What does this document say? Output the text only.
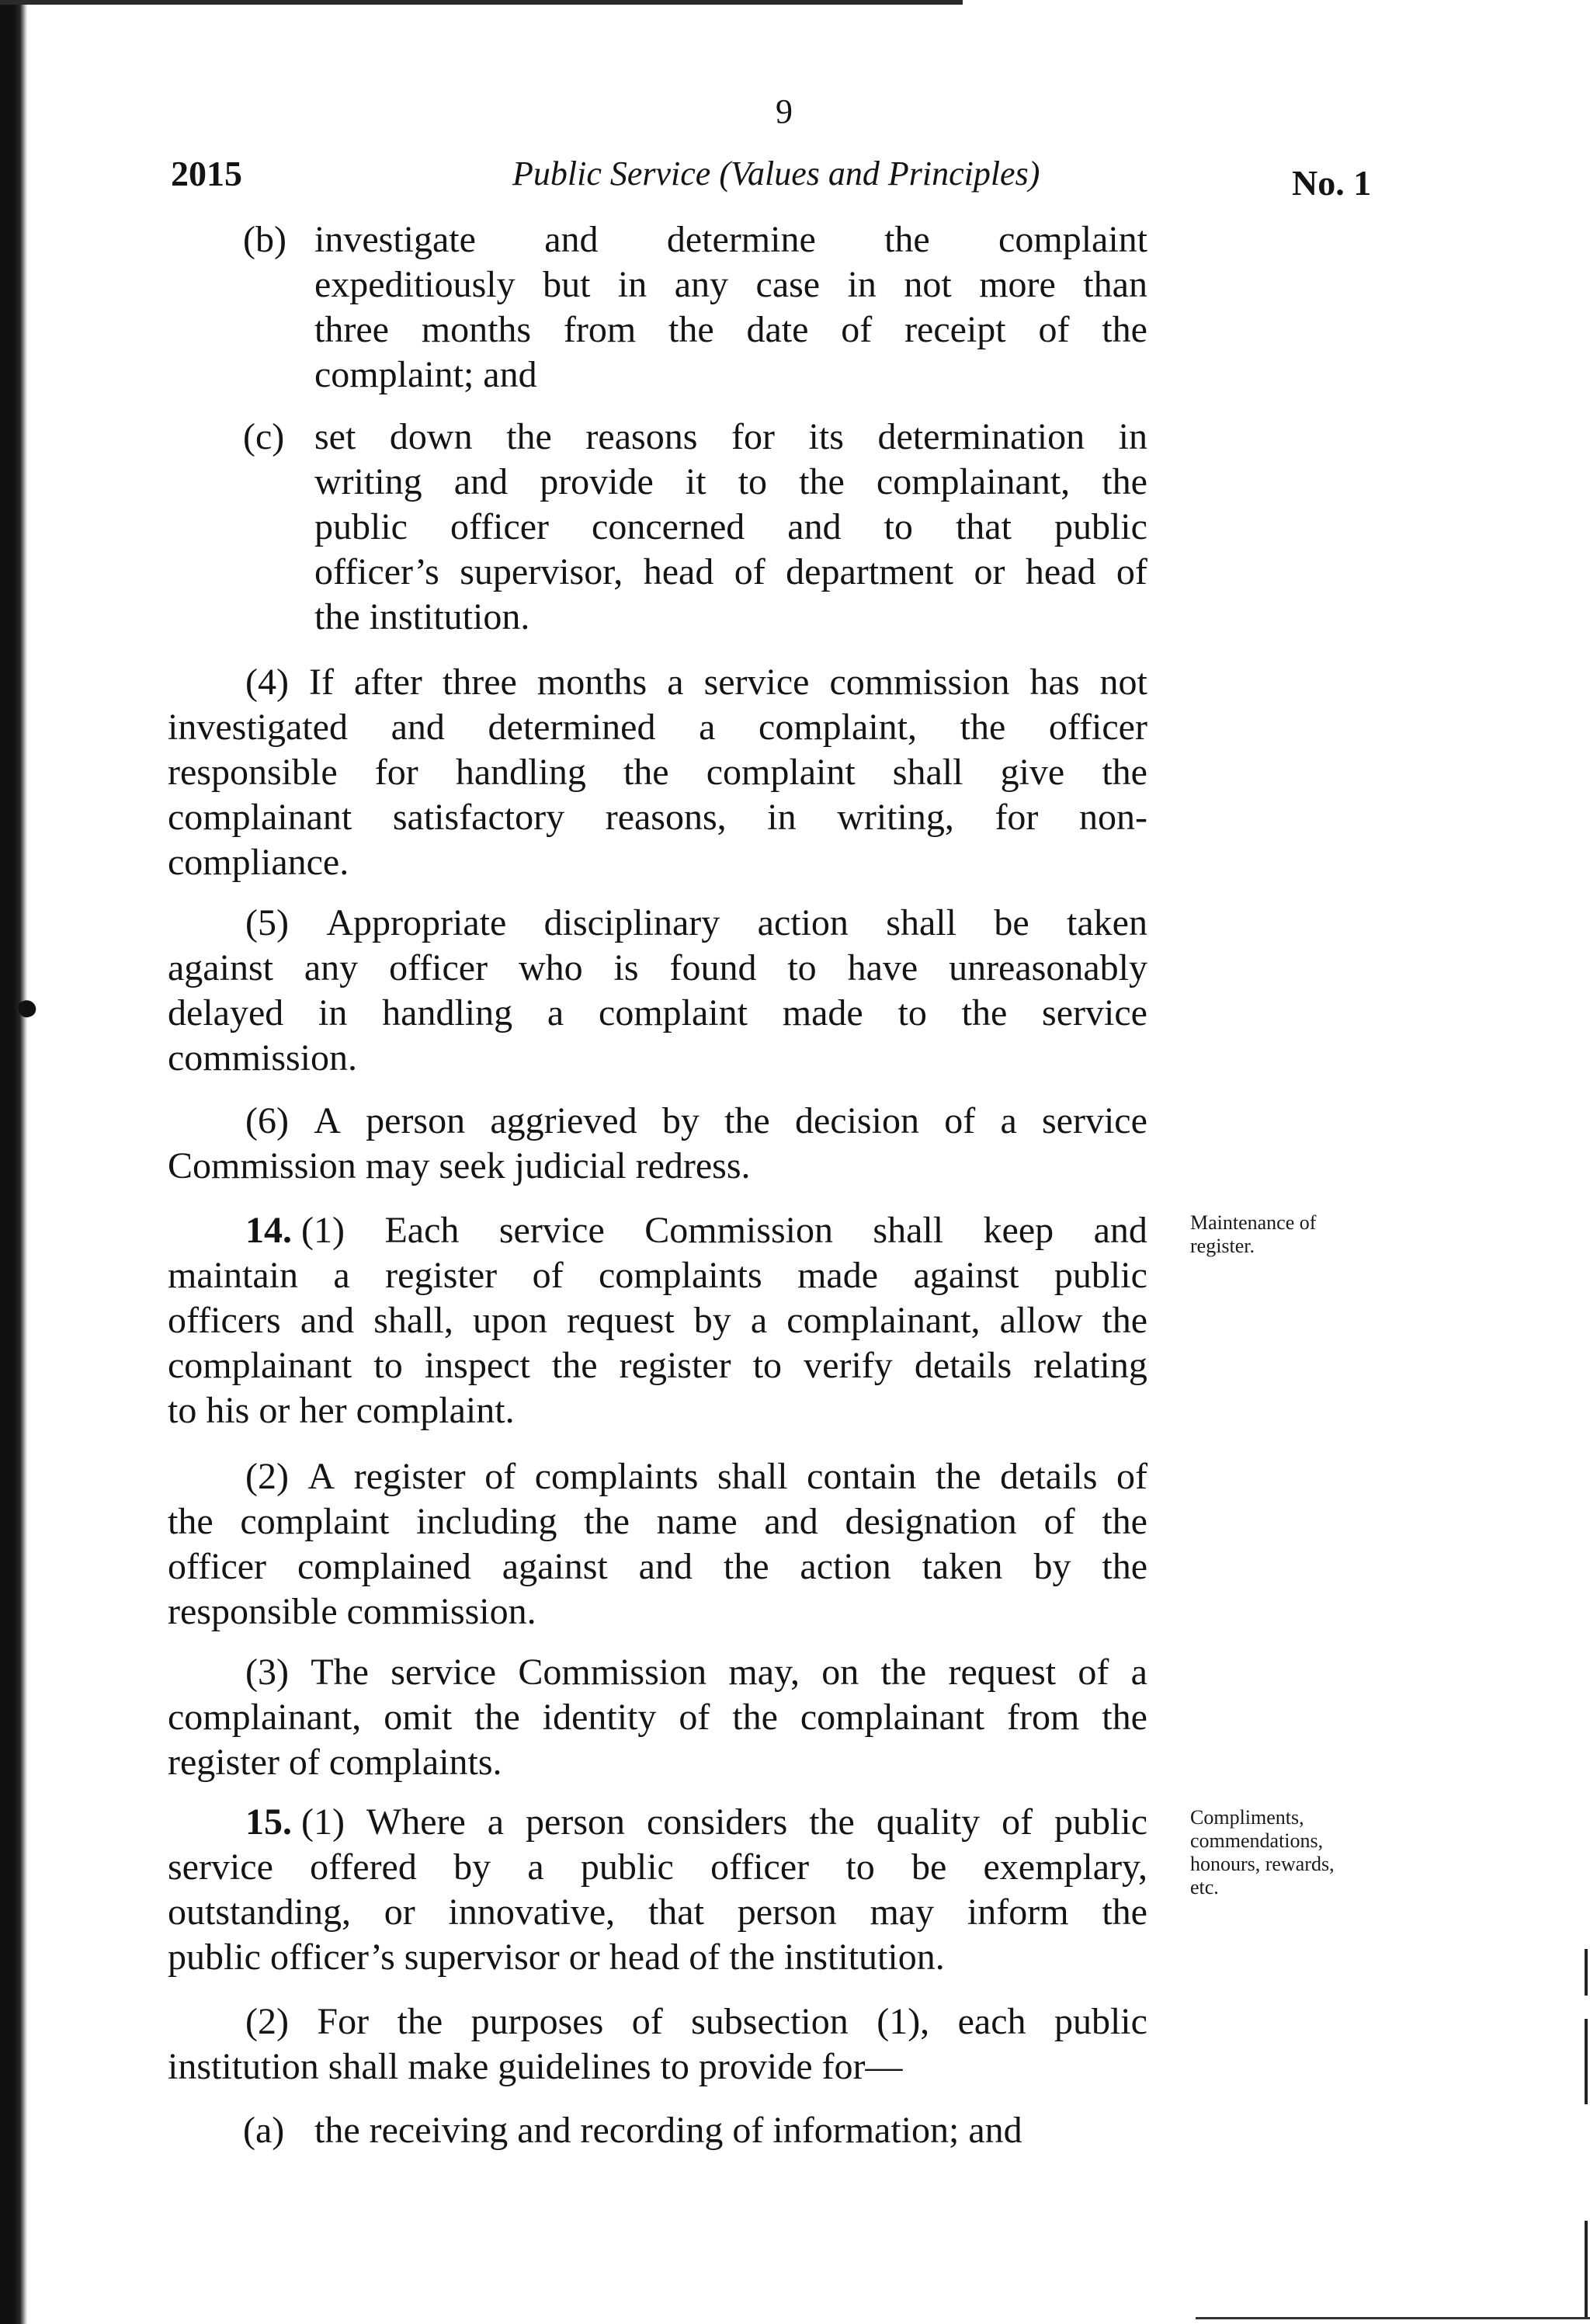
9
2015	Public Service (Values and Principles)	No. 1
(b) investigate and determine the complaint
expeditiously but in any case in not more than
three months from the date of receipt of the
complaint; and
(c) set down the reasons for its determination in
writing and provide it to the complainant, the
public officer concerned and to that public
officer’s supervisor, head of department or head of
the institution.
(4) If after three months a service commission has not
investigated and determined a complaint, the officer
responsible for handling the complaint shall give the
complainant satisfactory reasons, in writing, for non-
compliance.
(5) Appropriate disciplinary action shall be taken
against any officer who is found to have unreasonably
delayed in handling a complaint made to the service
commission.
(6) A person aggrieved by the decision of a service
Commission may seek judicial redress.
14. (1) Each service Commission shall keep and
maintain a register of complaints made against public
officers and shall, upon request by a complainant, allow the
complainant to inspect the register to verify details relating
to his or her complaint.
Maintenance of
register.
(2) A register of complaints shall contain the details of
the complaint including the name and designation of the
officer complained against and the action taken by the
responsible commission.
(3) The service Commission may, on the request of a
complainant, omit the identity of the complainant from the
register of complaints.
15. (1) Where a person considers the quality of public
service offered by a public officer to be exemplary,
outstanding, or innovative, that person may inform the
public officer’s supervisor or head of the institution.
Compliments,
commendations,
honours, rewards,
etc.
(2) For the purposes of subsection (1), each public
institution shall make guidelines to provide for—
(a) the receiving and recording of information; and
